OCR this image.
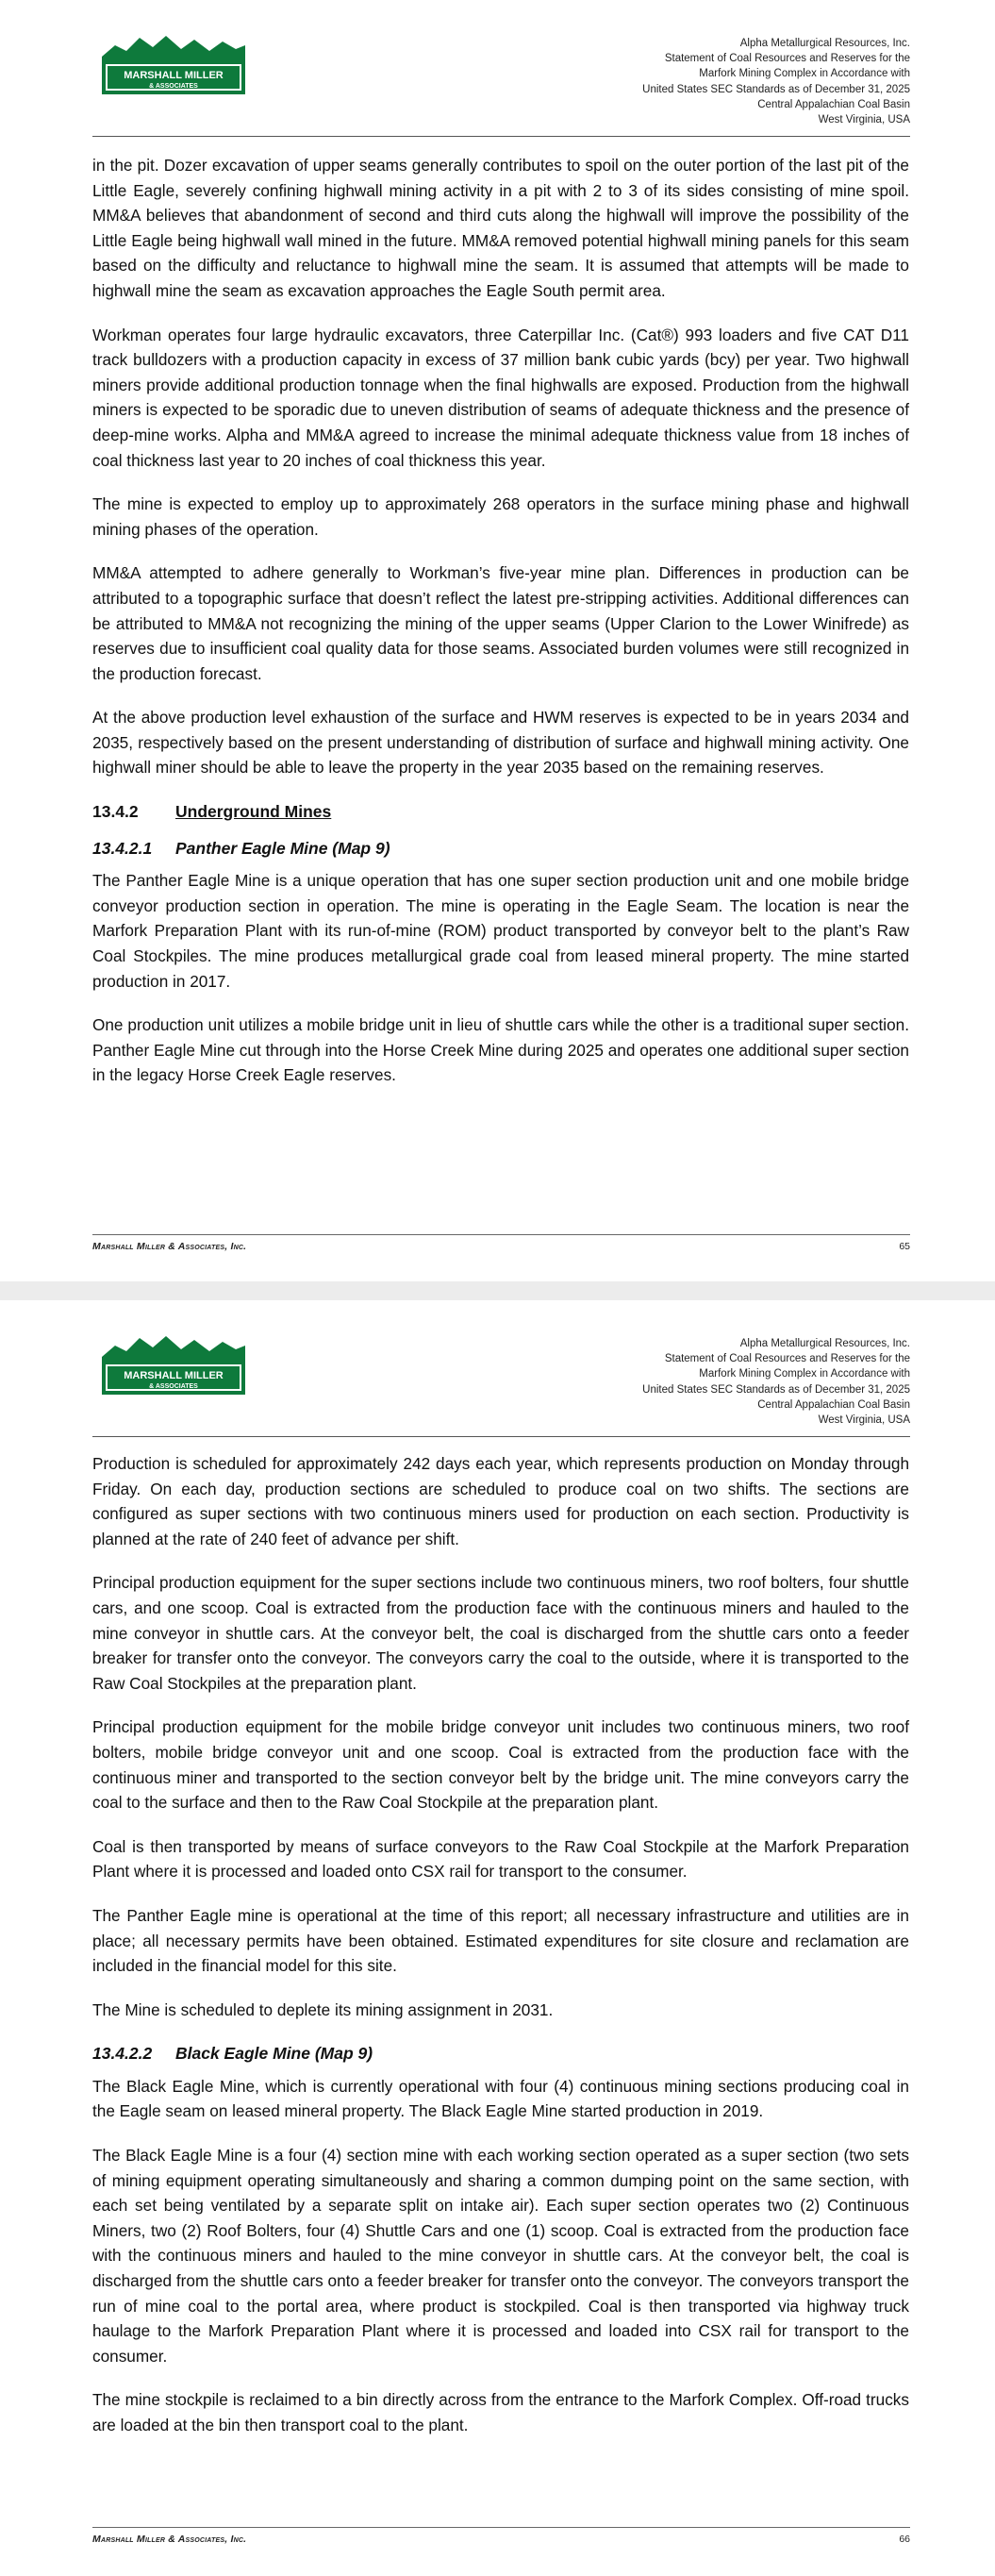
MARSHALL MILLER
& ASSOCIATES
Alpha Metallurgical Resources, Inc.
Statement of Coal Resources and Reserves for the
Marfork Mining Complex in Accordance with
United States SEC Standards as of December 31, 2025
Central Appalachian Coal Basin
West Virginia, USA

in the pit. Dozer excavation of upper seams generally contributes to spoil on the outer portion of the last pit of the Little Eagle, severely confining highwall mining activity in a pit with 2 to 3 of its sides consisting of mine spoil. MM&A believes that abandonment of second and third cuts along the highwall will improve the possibility of the Little Eagle being highwall wall mined in the future. MM&A removed potential highwall mining panels for this seam based on the difficulty and reluctance to highwall mine the seam. It is assumed that attempts will be made to highwall mine the seam as excavation approaches the Eagle South permit area.

Workman operates four large hydraulic excavators, three Caterpillar Inc. (Cat®) 993 loaders and five CAT D11 track bulldozers with a production capacity in excess of 37 million bank cubic yards (bcy) per year. Two highwall miners provide additional production tonnage when the final highwalls are exposed. Production from the highwall miners is expected to be sporadic due to uneven distribution of seams of adequate thickness and the presence of deep-mine works. Alpha and MM&A agreed to increase the minimal adequate thickness value from 18 inches of coal thickness last year to 20 inches of coal thickness this year.

The mine is expected to employ up to approximately 268 operators in the surface mining phase and highwall mining phases of the operation.

MM&A attempted to adhere generally to Workman’s five-year mine plan. Differences in production can be attributed to a topographic surface that doesn’t reflect the latest pre-stripping activities. Additional differences can be attributed to MM&A not recognizing the mining of the upper seams (Upper Clarion to the Lower Winifrede) as reserves due to insufficient coal quality data for those seams. Associated burden volumes were still recognized in the production forecast.

At the above production level exhaustion of the surface and HWM reserves is expected to be in years 2034 and 2035, respectively based on the present understanding of distribution of surface and highwall mining activity. One highwall miner should be able to leave the property in the year 2035 based on the remaining reserves.

13.4.2 Underground Mines
13.4.2.1 Panther Eagle Mine (Map 9)

The Panther Eagle Mine is a unique operation that has one super section production unit and one mobile bridge conveyor production section in operation. The mine is operating in the Eagle Seam. The location is near the Marfork Preparation Plant with its run-of-mine (ROM) product transported by conveyor belt to the plant’s Raw Coal Stockpiles. The mine produces metallurgical grade coal from leased mineral property. The mine started production in 2017.

One production unit utilizes a mobile bridge unit in lieu of shuttle cars while the other is a traditional super section. Panther Eagle Mine cut through into the Horse Creek Mine during 2025 and operates one additional super section in the legacy Horse Creek Eagle reserves.

Marshall Miller & Associates, Inc.	65
MARSHALL MILLER
& ASSOCIATES
Alpha Metallurgical Resources, Inc.
Statement of Coal Resources and Reserves for the
Marfork Mining Complex in Accordance with
United States SEC Standards as of December 31, 2025
Central Appalachian Coal Basin
West Virginia, USA

Production is scheduled for approximately 242 days each year, which represents production on Monday through Friday. On each day, production sections are scheduled to produce coal on two shifts. The sections are configured as super sections with two continuous miners used for production on each section. Productivity is planned at the rate of 240 feet of advance per shift.

Principal production equipment for the super sections include two continuous miners, two roof bolters, four shuttle cars, and one scoop. Coal is extracted from the production face with the continuous miners and hauled to the mine conveyor in shuttle cars. At the conveyor belt, the coal is discharged from the shuttle cars onto a feeder breaker for transfer onto the conveyor. The conveyors carry the coal to the outside, where it is transported to the Raw Coal Stockpiles at the preparation plant.

Principal production equipment for the mobile bridge conveyor unit includes two continuous miners, two roof bolters, mobile bridge conveyor unit and one scoop. Coal is extracted from the production face with the continuous miner and transported to the section conveyor belt by the bridge unit. The mine conveyors carry the coal to the surface and then to the Raw Coal Stockpile at the preparation plant.

Coal is then transported by means of surface conveyors to the Raw Coal Stockpile at the Marfork Preparation Plant where it is processed and loaded onto CSX rail for transport to the consumer.

The Panther Eagle mine is operational at the time of this report; all necessary infrastructure and utilities are in place; all necessary permits have been obtained. Estimated expenditures for site closure and reclamation are included in the financial model for this site.

The Mine is scheduled to deplete its mining assignment in 2031.

13.4.2.2 Black Eagle Mine (Map 9)

The Black Eagle Mine, which is currently operational with four (4) continuous mining sections producing coal in the Eagle seam on leased mineral property. The Black Eagle Mine started production in 2019.

The Black Eagle Mine is a four (4) section mine with each working section operated as a super section (two sets of mining equipment operating simultaneously and sharing a common dumping point on the same section, with each set being ventilated by a separate split on intake air). Each super section operates two (2) Continuous Miners, two (2) Roof Bolters, four (4) Shuttle Cars and one (1) scoop. Coal is extracted from the production face with the continuous miners and hauled to the mine conveyor in shuttle cars. At the conveyor belt, the coal is discharged from the shuttle cars onto a feeder breaker for transfer onto the conveyor. The conveyors transport the run of mine coal to the portal area, where product is stockpiled. Coal is then transported via highway truck haulage to the Marfork Preparation Plant where it is processed and loaded into CSX rail for transport to the consumer.

The mine stockpile is reclaimed to a bin directly across from the entrance to the Marfork Complex. Off-road trucks are loaded at the bin then transport coal to the plant.

Marshall Miller & Associates, Inc.	66
